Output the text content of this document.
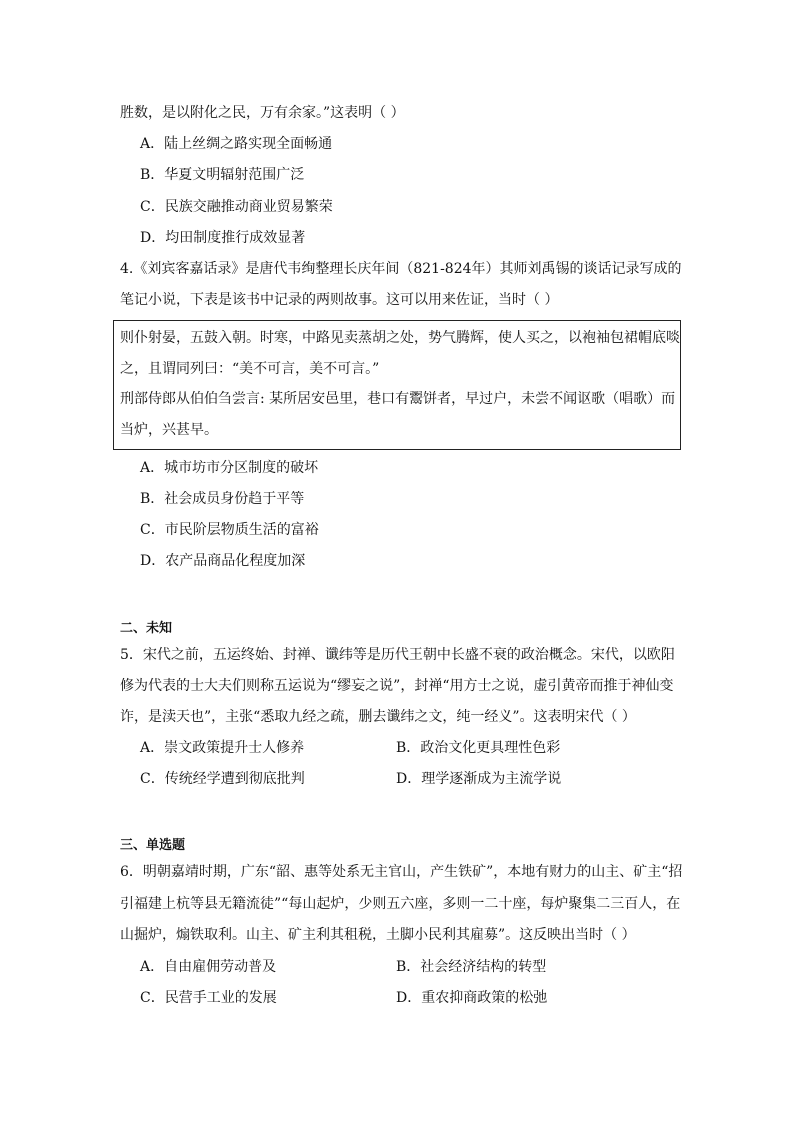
胜数，是以附化之民，万有余家。”这表明（ ）
A．陆上丝绸之路实现全面畅通
B．华夏文明辐射范围广泛
C．民族交融推动商业贸易繁荣
D．均田制度推行成效显著
4.《刘宾客嘉话录》是唐代韦绚整理长庆年间（821-824年）其师刘禹锡的谈话记录写成的
笔记小说，下表是该书中记录的两则故事。这可以用来佐证，当时（ ）
则仆射晏，五鼓入朝。时寒，中路见卖蒸胡之处，势气腾辉，使人买之，以袍袖包裙帽底啖
之，且谓同列曰：“美不可言，美不可言。”
刑部侍郎从伯伯刍尝言: 某所居安邑里，巷口有鬻饼者，早过户，未尝不闻讴歌（唱歌）而
当炉，兴甚早。
A．城市坊市分区制度的破坏
B．社会成员身份趋于平等
C．市民阶层物质生活的富裕
D．农产品商品化程度加深
二、未知
5．宋代之前，五运终始、封禅、谶纬等是历代王朝中长盛不衰的政治概念。宋代，以欧阳
修为代表的士大夫们则称五运说为“缪妄之说”，封禅“用方士之说，虚引黄帝而推于神仙变
诈，是渎天也”，主张“悉取九经之疏，删去谶纬之文，纯一经义”。这表明宋代（ ）
A．崇文政策提升士人修养	B．政治文化更具理性色彩
C．传统经学遭到彻底批判	D．理学逐渐成为主流学说
三、单选题
6．明朝嘉靖时期，广东“韶、惠等处系无主官山，产生铁矿”，本地有财力的山主、矿主“招
引福建上杭等县无籍流徒”“每山起炉，少则五六座，多则一二十座，每炉聚集二三百人，在
山掘炉，煽铁取利。山主、矿主利其租税，土脚小民利其雇募”。这反映出当时（ ）
A．自由雇佣劳动普及	B．社会经济结构的转型
C．民营手工业的发展	D．重农抑商政策的松弛
